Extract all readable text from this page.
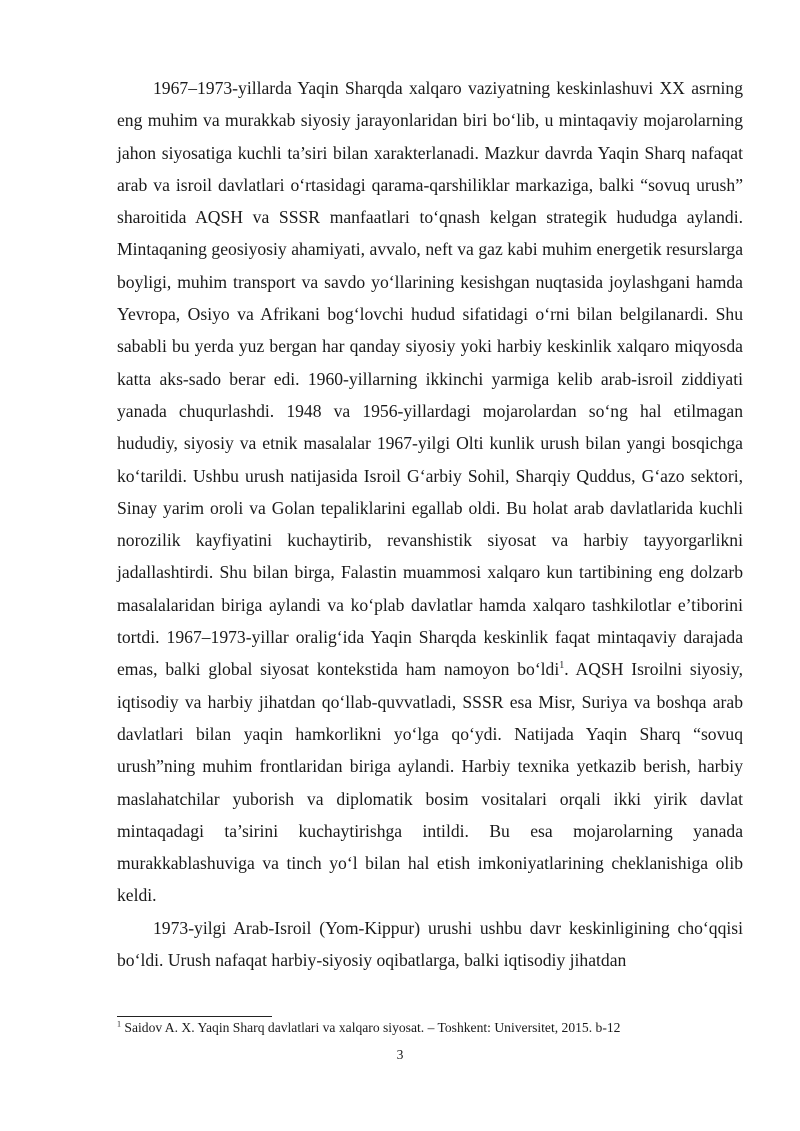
1967–1973-yillarda Yaqin Sharqda xalqaro vaziyatning keskinlashuvi XX asrning eng muhim va murakkab siyosiy jarayonlaridan biri bo‘lib, u mintaqaviy mojarolarning jahon siyosatiga kuchli ta’siri bilan xarakterlanadi. Mazkur davrda Yaqin Sharq nafaqat arab va isroil davlatlari o‘rtasidagi qarama-qarshiliklar markaziga, balki “sovuq urush” sharoitida AQSH va SSSR manfaatlari to‘qnash kelgan strategik hududga aylandi. Mintaqaning geosiyosiy ahamiyati, avvalo, neft va gaz kabi muhim energetik resurslarga boyligi, muhim transport va savdo yo‘llarining kesishgan nuqtasida joylashgani hamda Yevropa, Osiyo va Afrikani bog‘lovchi hudud sifatidagi o‘rni bilan belgilanardi. Shu sababli bu yerda yuz bergan har qanday siyosiy yoki harbiy keskinlik xalqaro miqyosda katta aks-sado berar edi. 1960-yillarning ikkinchi yarmiga kelib arab-isroil ziddiyati yanada chuqurlashdi. 1948 va 1956-yillardagi mojarolardan so‘ng hal etilmagan hududiy, siyosiy va etnik masalalar 1967-yilgi Olti kunlik urush bilan yangi bosqichga ko‘tarildi. Ushbu urush natijasida Isroil G‘arbiy Sohil, Sharqiy Quddus, G‘azo sektori, Sinay yarim oroli va Golan tepaliklarini egallab oldi. Bu holat arab davlatlarida kuchli norozilik kayfiyatini kuchaytirib, revanshistik siyosat va harbiy tayyorgarlikni jadallashtirdi. Shu bilan birga, Falastin muammosi xalqaro kun tartibining eng dolzarb masalalaridan biriga aylandi va ko‘plab davlatlar hamda xalqaro tashkilotlar e’tiborini tortdi. 1967–1973-yillar oralig‘ida Yaqin Sharqda keskinlik faqat mintaqaviy darajada emas, balki global siyosat kontekstida ham namoyon bo‘ldi$^1$. AQSH Isroilni siyosiy, iqtisodiy va harbiy jihatdan qo‘llab-quvvatladi, SSSR esa Misr, Suriya va boshqa arab davlatlari bilan yaqin hamkorlikni yo‘lga qo‘ydi. Natijada Yaqin Sharq “sovuq urush”ning muhim frontlaridan biriga aylandi. Harbiy texnika yetkazib berish, harbiy maslahatchilar yuborish va diplomatik bosim vositalari orqali ikki yirik davlat mintaqadagi ta’sirini kuchaytirishga intildi. Bu esa mojarolarning yanada murakkablashuviga va tinch yo‘l bilan hal etish imkoniyatlarining cheklanishiga olib keldi.

1973-yilgi Arab-Isroil (Yom-Kippur) urushi ushbu davr keskinligining cho‘qqisi bo‘ldi. Urush nafaqat harbiy-siyosiy oqibatlarga, balki iqtisodiy jihatdan

$^1$ Saidov A. X. Yaqin Sharq davlatlari va xalqaro siyosat. – Toshkent: Universitet, 2015. b-12
3
